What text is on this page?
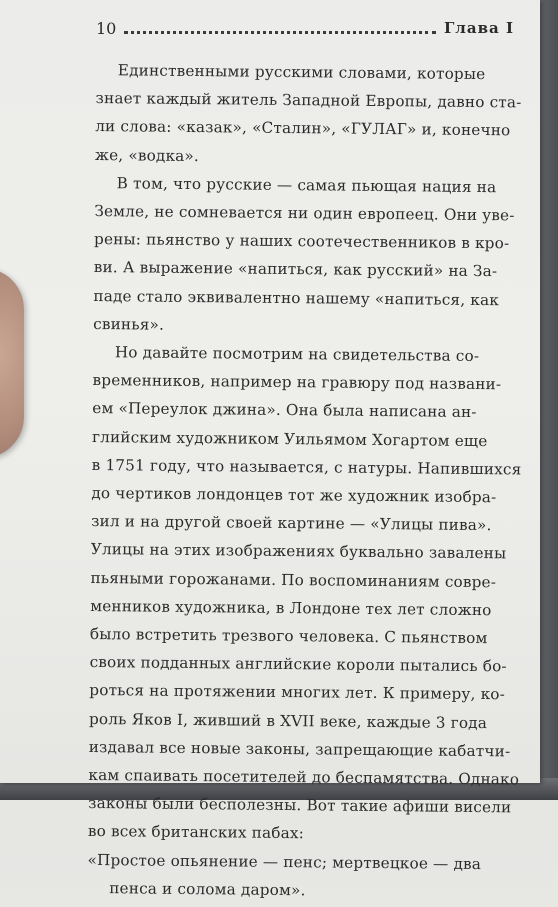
10	Глава I
Единственными русскими словами, которые
знает каждый житель Западной Европы, давно ста-
ли слова: «казак», «Сталин», «ГУЛАГ» и, конечно
же, «водка».
В том, что русские — самая пьющая нация на
Земле, не сомневается ни один европеец. Они уве-
рены: пьянство у наших соотечественников в кро-
ви. А выражение «напиться, как русский» на За-
паде стало эквивалентно нашему «напиться, как
свинья».
Но давайте посмотрим на свидетельства со-
временников, например на гравюру под названи-
ем «Переулок джина». Она была написана ан-
глийским художником Уильямом Хогартом еще
в 1751 году, что называется, с натуры. Напившихся
до чертиков лондонцев тот же художник изобра-
зил и на другой своей картине — «Улицы пива».
Улицы на этих изображениях буквально завалены
пьяными горожанами. По воспоминаниям совре-
менников художника, в Лондоне тех лет сложно
было встретить трезвого человека. С пьянством
своих подданных английские короли пытались бо-
роться на протяжении многих лет. К примеру, ко-
роль Яков I, живший в XVII веке, каждые 3 года
издавал все новые законы, запрещающие кабатчи-
кам спаивать посетителей до беспамятства. Однако
законы были бесполезны. Вот такие афиши висели
во всех британских пабах:
«Простое опьянение — пенс; мертвецкое — два
пенса и солома даром».
